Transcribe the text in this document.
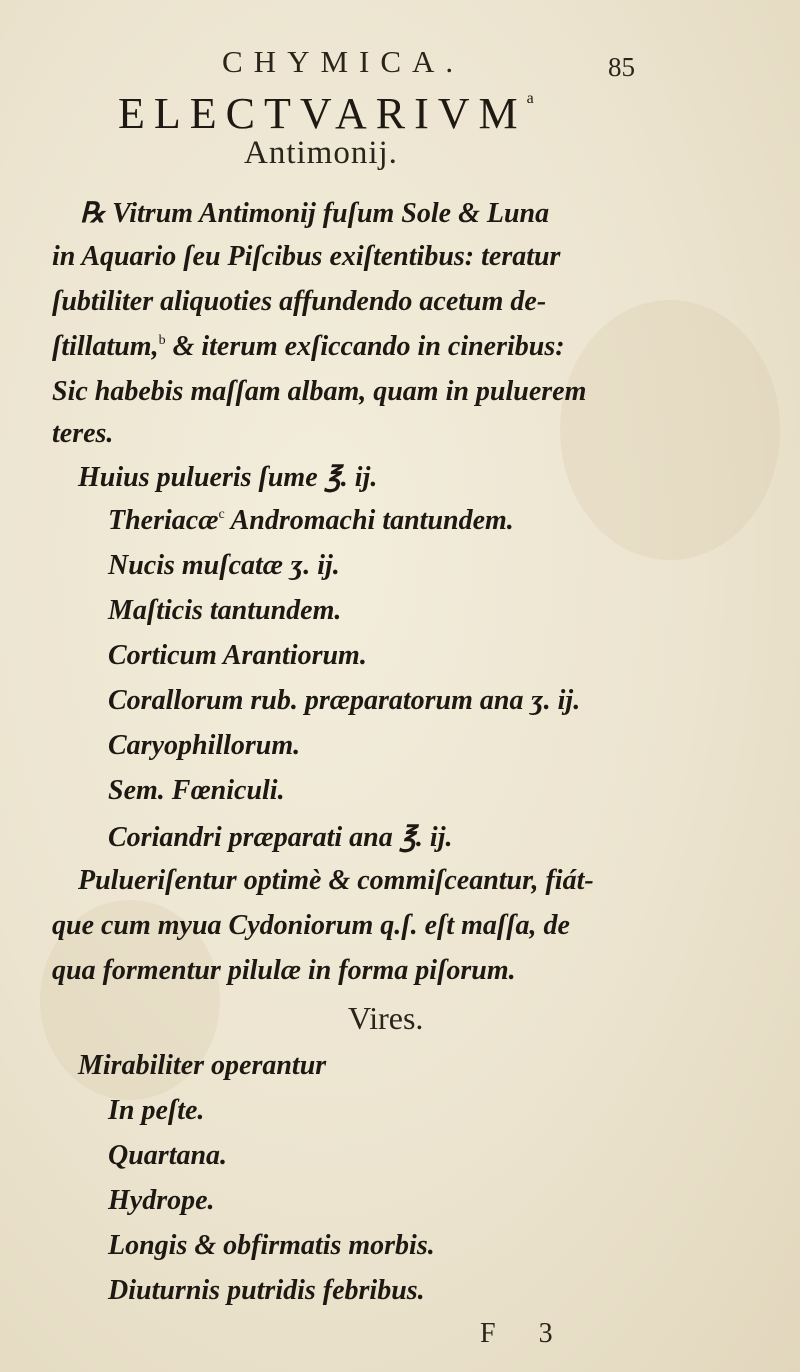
CHYMICA.	85
ELECTVARIVM$^a$
Antimonij.
℞ Vitrum Antimonij fuſum Sole & Luna
in Aquario ſeu Piſcibus exiſtentibus: teratur
ſubtiliter aliquoties affundendo acetum de-
ſtillatum,$^b$ & iterum exſiccando in cineribus:
Sic habebis maſſam albam, quam in puluerem
teres.
Huius pulueris ſume ℥. ij.
Theriacæ$^c$ Andromachi tantundem.
Nucis muſcatæ ʒ. ij.
Maſticis tantundem.
Corticum Arantiorum.
Corallorum rub. præparatorum ana ʒ. ij.
Caryophillorum.
Sem. Fœniculi.
Coriandri præparati ana ℥. ij.
Pulueriſentur optimè & commiſceantur, fiát-
que cum myua Cydoniorum q.ſ. eſt maſſa, de
qua formentur pilulæ in forma piſorum.
Vires.
Mirabiliter operantur
In peſte.
Quartana.
Hydrope.
Longis & obfirmatis morbis.
Diuturnis putridis febribus.
F 3
